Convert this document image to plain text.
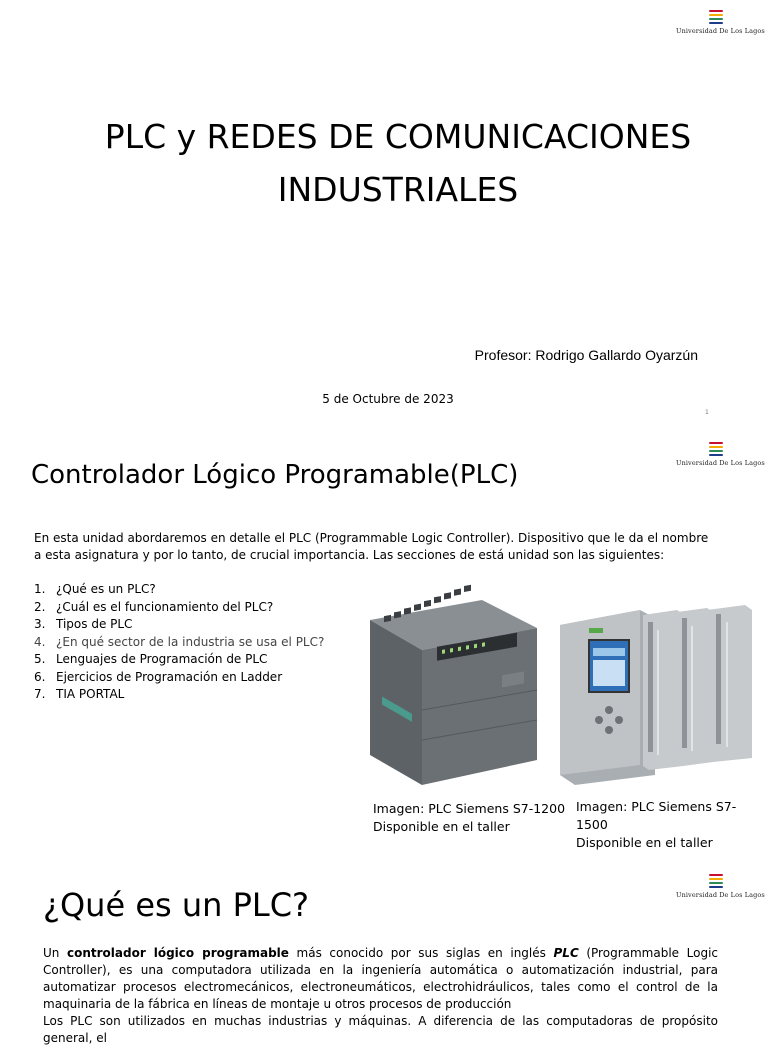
Universidad De Los Lagos
PLC y REDES DE COMUNICACIONES
INDUSTRIALES
Profesor: Rodrigo Gallardo Oyarzún
5 de Octubre de 2023
1
Universidad De Los Lagos
Controlador Lógico Programable(PLC)

En esta unidad abordaremos en detalle el PLC (Programmable Logic Controller). Dispositivo que le da el nombre a esta asignatura y por lo tanto, de crucial importancia. Las secciones de está unidad son las siguientes:

1. ¿Qué es un PLC?
2. ¿Cuál es el funcionamiento del PLC?
3. Tipos de PLC
4. ¿En qué sector de la industria se usa el PLC?
5. Lenguajes de Programación de PLC
6. Ejercicios de Programación en Ladder
7. TIA PORTAL
Imagen: PLC Siemens S7-1200
Disponible en el taller
Imagen: PLC Siemens S7-1500
Disponible en el taller
Universidad De Los Lagos
¿Qué es un PLC?

Un controlador lógico programable más conocido por sus siglas en inglés PLC (Programmable Logic Controller), es una computadora utilizada en la ingeniería automática o automatización industrial, para automatizar procesos electromecánicos, electroneumáticos, electrohidráulicos, tales como el control de la maquinaria de la fábrica en líneas de montaje u otros procesos de producción

Los PLC son utilizados en muchas industrias y máquinas. A diferencia de las computadoras de propósito general, el
